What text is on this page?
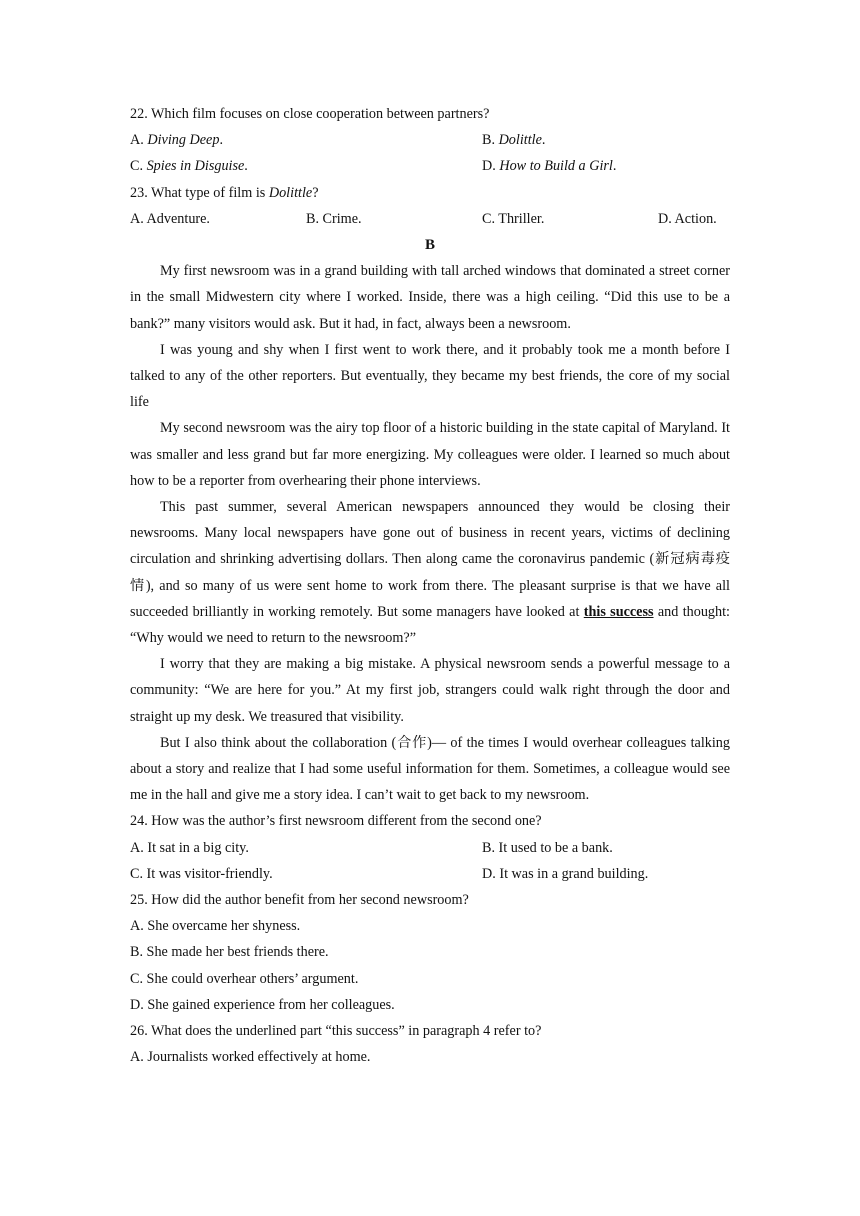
22. Which film focuses on close cooperation between partners?
A. Diving Deep.	B. Dolittle.
C. Spies in Disguise.	D. How to Build a Girl.
23. What type of film is Dolittle?
A. Adventure.	B. Crime.	C. Thriller.	D. Action.
B

My first newsroom was in a grand building with tall arched windows that dominated a street corner in the small Midwestern city where I worked. Inside, there was a high ceiling. “Did this use to be a bank?” many visitors would ask. But it had, in fact, always been a newsroom.

I was young and shy when I first went to work there, and it probably took me a month before I talked to any of the other reporters. But eventually, they became my best friends, the core of my social life

My second newsroom was the airy top floor of a historic building in the state capital of Maryland. It was smaller and less grand but far more energizing. My colleagues were older. I learned so much about how to be a reporter from overhearing their phone interviews.

This past summer, several American newspapers announced they would be closing their newsrooms. Many local newspapers have gone out of business in recent years, victims of declining circulation and shrinking advertising dollars. Then along came the coronavirus pandemic (新冠病毒疫情), and so many of us were sent home to work from there. The pleasant surprise is that we have all succeeded brilliantly in working remotely. But some managers have looked at this success and thought: “Why would we need to return to the newsroom?”

I worry that they are making a big mistake. A physical newsroom sends a powerful message to a community: “We are here for you.” At my first job, strangers could walk right through the door and straight up my desk. We treasured that visibility.

But I also think about the collaboration (合作)— of the times I would overhear colleagues talking about a story and realize that I had some useful information for them. Sometimes, a colleague would see me in the hall and give me a story idea. I can’t wait to get back to my newsroom.

24. How was the author’s first newsroom different from the second one?
A. It sat in a big city.	B. It used to be a bank.
C. It was visitor-friendly.	D. It was in a grand building.
25. How did the author benefit from her second newsroom?
A. She overcame her shyness.
B. She made her best friends there.
C. She could overhear others’ argument.
D. She gained experience from her colleagues.
26. What does the underlined part “this success” in paragraph 4 refer to?
A. Journalists worked effectively at home.
